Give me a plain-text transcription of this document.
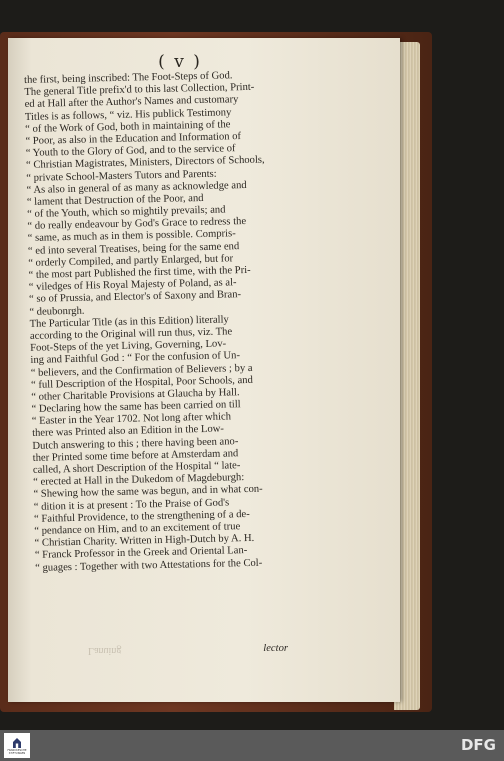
( v )
the first, being inscribed: The Foot-Steps of God.
The general Title prefix'd to this last Collection, Print-
ed at Hall after the Author's Names and customary
Titles is as follows, “ viz. His publick Testimony
“ of the Work of God, both in maintaining of the
“ Poor, as also in the Education and Information of
“ Youth to the Glory of God, and to the service of
“ Christian Magistrates, Ministers, Directors of Schools,
“ private School-Masters Tutors and Parents:
“ As also in general of as many as acknowledge and
“ lament that Destruction of the Poor, and
“ of the Youth, which so mightily prevails; and
“ do really endeavour by God's Grace to redress the
“ same, as much as in them is possible. Compris-
“ ed into several Treatises, being for the same end
“ orderly Compiled, and partly Enlarged, but for
“ the most part Published the first time, with the Pri-
“ viledges of His Royal Majesty of Poland, as al-
“ so of Prussia, and Elector's of Saxony and Bran-
“ deubonrgh.
The Particular Title (as in this Edition) literally
according to the Original will run thus, viz. The
Foot-Steps of the yet Living, Governing, Lov-
ing and Faithful God : “ For the confusion of Un-
“ believers, and the Confirmation of Believers ; by a
“ full Description of the Hospital, Poor Schools, and
“ other Charitable Provisions at Glaucha by Hall.
“ Declaring how the same has been carried on till
“ Easter in the Year 1702. Not long after which
there was Printed also an Edition in the Low-
Dutch answering to this ; there having been ano-
ther Printed some time before at Amsterdam and
called, A short Description of the Hospital “ late-
“ erected at Hall in the Dukedom of Magdeburgh:
“ Shewing how the same was begun, and in what con-
“ dition it is at present : To the Praise of God's
“ Faithful Providence, to the strengthening of a de-
“ pendance on Him, and to an excitement of true
“ Christian Charity. Written in High-Dutch by A. H.
“ Franck Professor in the Greek and Oriental Lan-
“ guages : Together with two Attestations for the Col-
Lanuing	lector
FRANCKESCHE STIFTUNGEN	DFG
